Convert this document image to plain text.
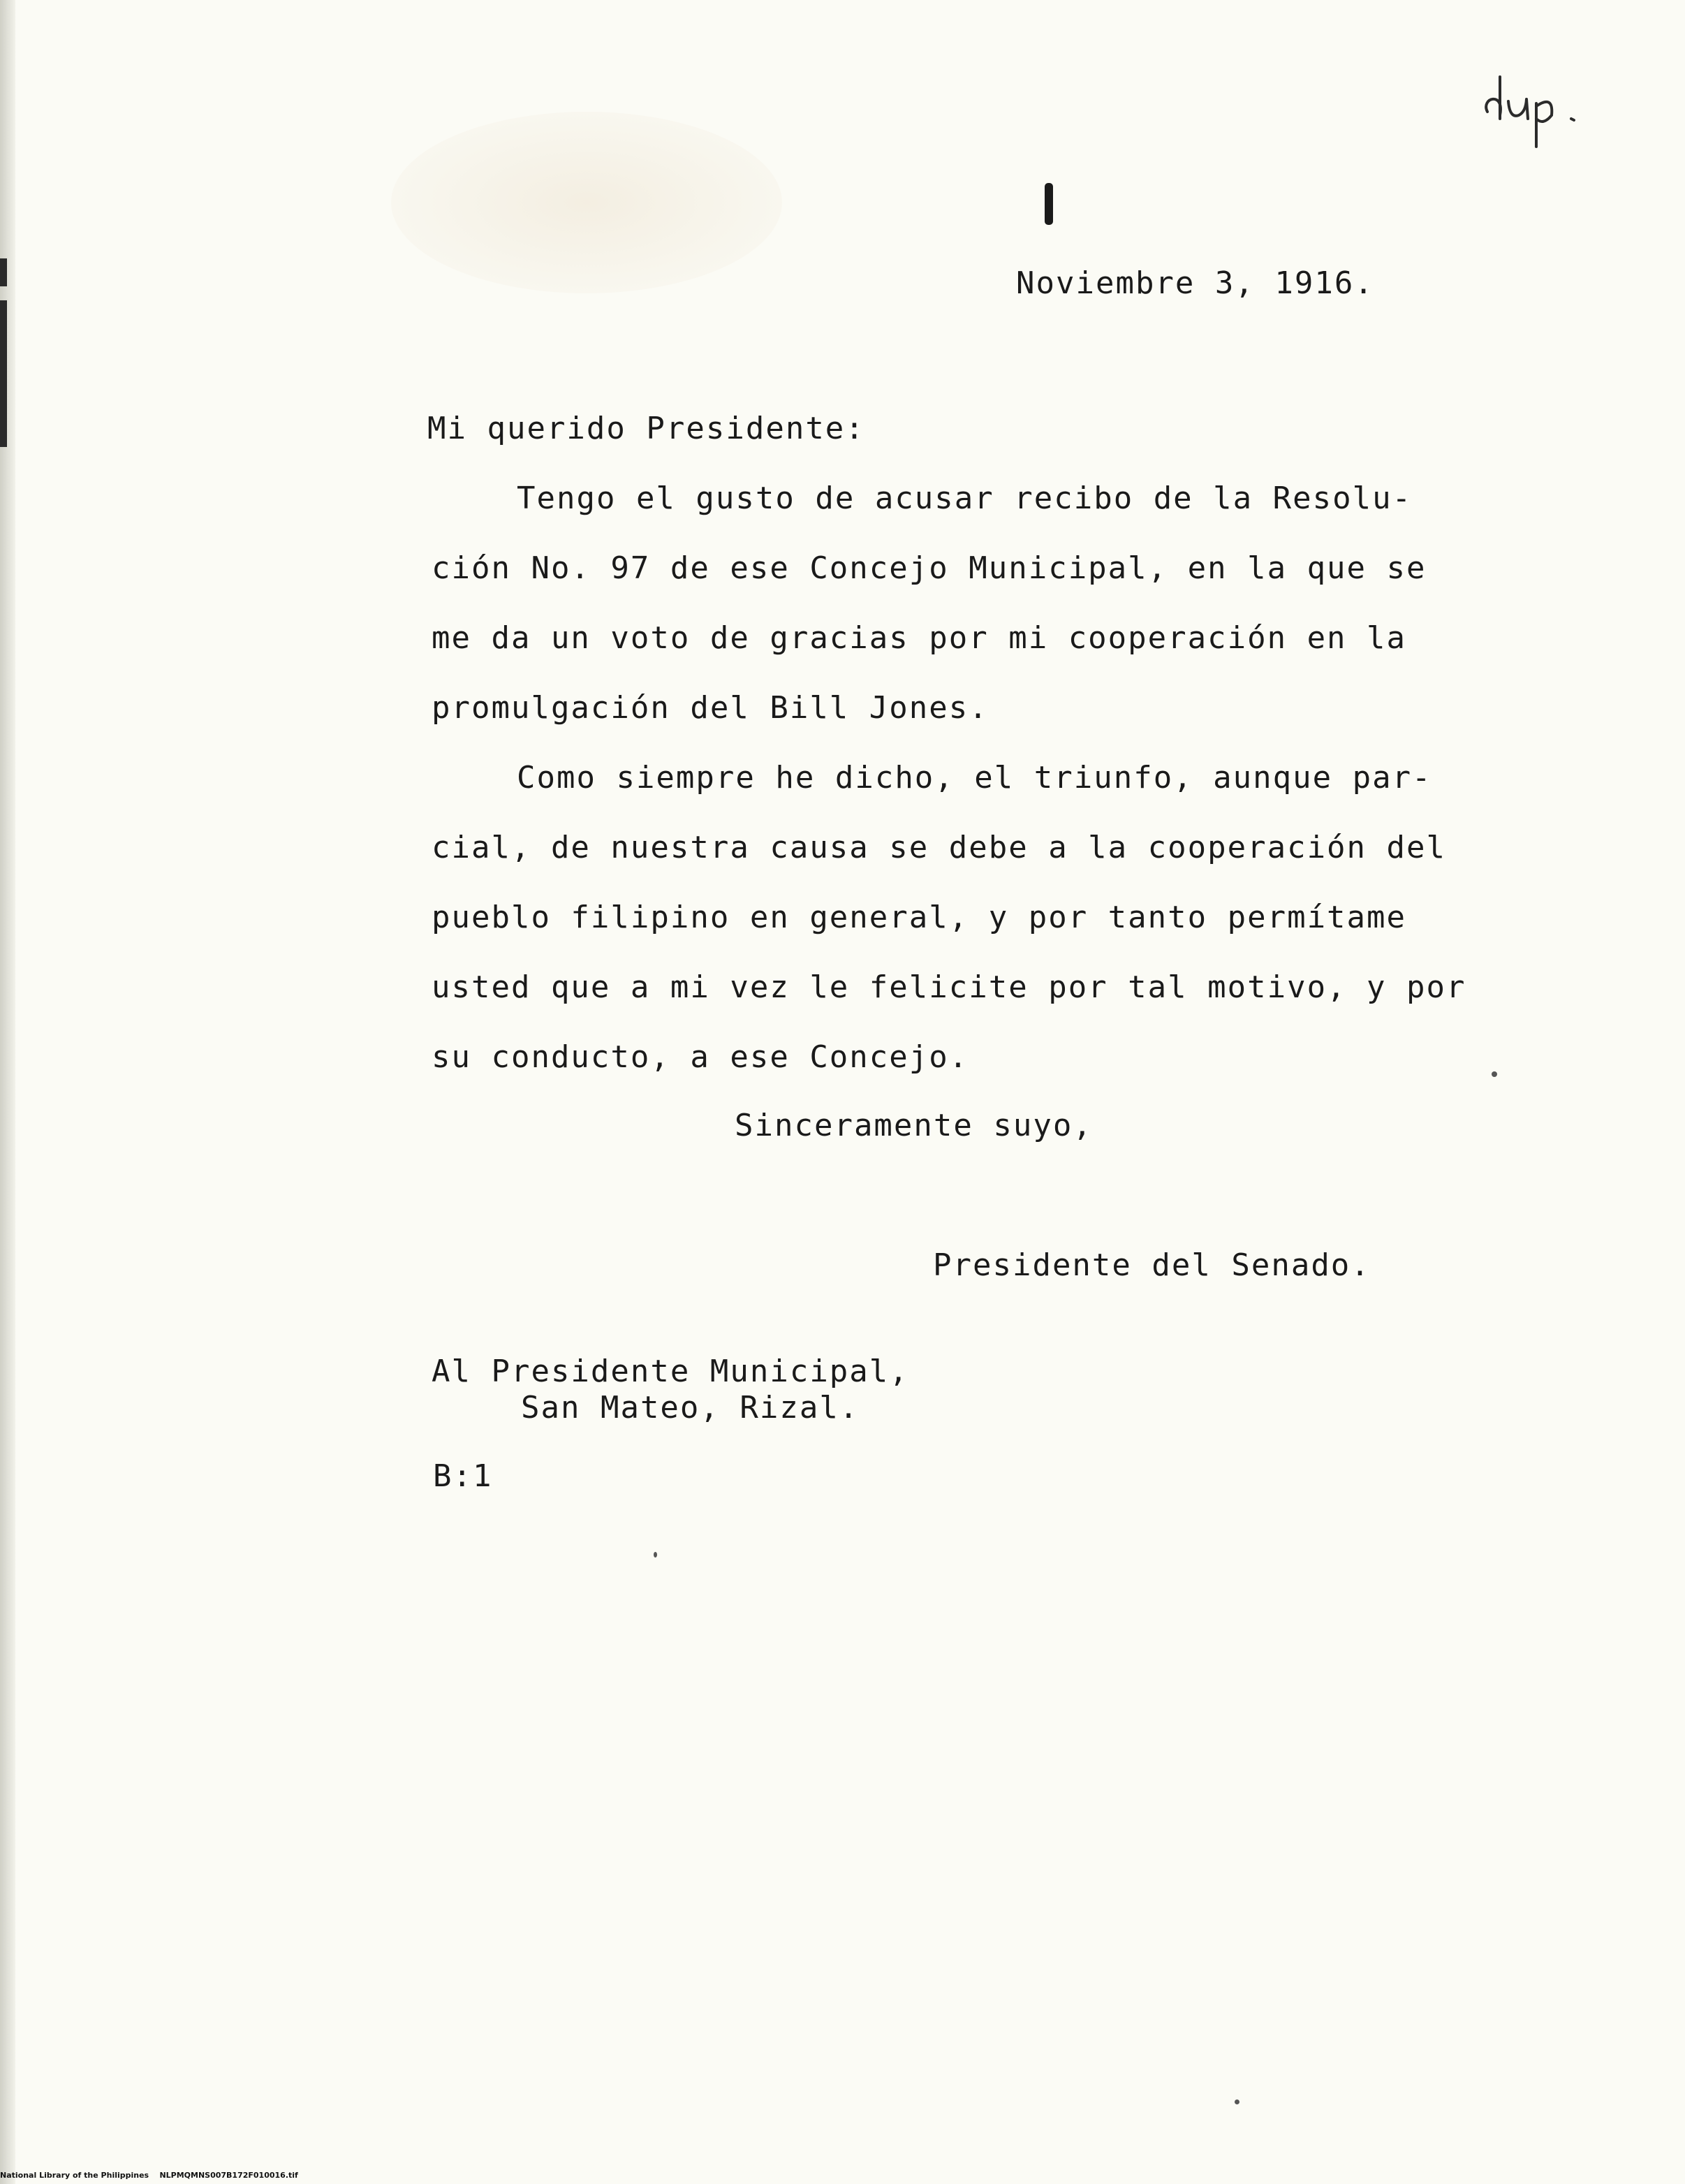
dup.
Noviembre 3, 1916.
Mi querido Presidente:
Tengo el gusto de acusar recibo de la Resolu-
ción No. 97 de ese Concejo Municipal, en la que se
me da un voto de gracias por mi cooperación en la
promulgación del Bill Jones.
Como siempre he dicho, el triunfo, aunque par-
cial, de nuestra causa se debe a la cooperación del
pueblo filipino en general, y por tanto permítame
usted que a mi vez le felicite por tal motivo, y por
su conducto, a ese Concejo.
Sinceramente suyo,
Presidente del Senado.
Al Presidente Municipal,
San Mateo, Rizal.
B:1
National Library of the Philippines NLPMQMNS007B172F010016.tif
